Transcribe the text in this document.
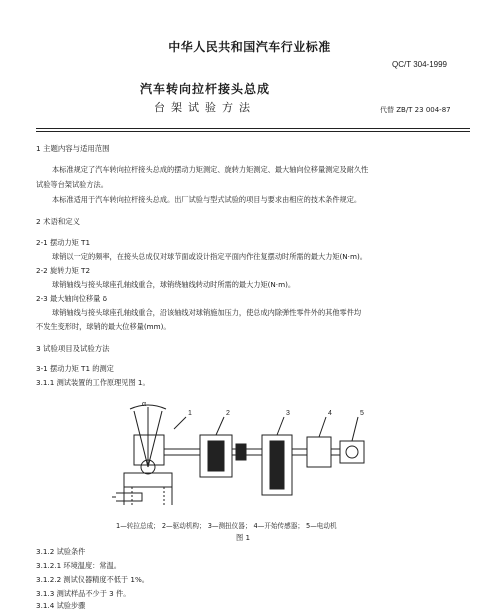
中华人民共和国汽车行业标准
QC/T 304-1999
汽车转向拉杆接头总成
台架试验方法	代替 ZB/T 23 004-87
1 主题内容与适用范围
本标准规定了汽车转向拉杆接头总成的摆动力矩测定、旋转力矩测定、最大轴向位移量测定及耐久性
试验等台架试验方法。
本标准适用于汽车转向拉杆接头总成。出厂试验与型式试验的项目与要求由相应的技术条件规定。
2 术语和定义
2-1 摆动力矩 T1
球销以一定的频率，在接头总成仅对球节面或设计指定平面内作往复摆动时所需的最大力矩(N·m)。
2-2 旋转力矩 T2
球销轴线与接头球座孔轴线重合，球销绕轴线转动时所需的最大力矩(N·m)。
2-3 最大轴向位移量 δ
球销轴线与接头球座孔轴线重合，沿该轴线对球销施加压力，使总成内除弹性零件外的其他零件均
不发生变形时，球销的最大位移量(mm)。
3 试验项目及试验方法
3-1 摆动力矩 T1 的测定
3.1.1 测试装置的工作原理见图 1。
α
1	2	3	4	5
1—转拉总成； 2—驱动机构； 3—测扭仪器； 4—开始传感器； 5—电动机
图 1
3.1.2 试验条件
3.1.2.1 环境温度：常温。
3.1.2.2 测试仪器精度不低于 1%。
3.1.3 测试样品不少于 3 件。
3.1.4 试验步骤
